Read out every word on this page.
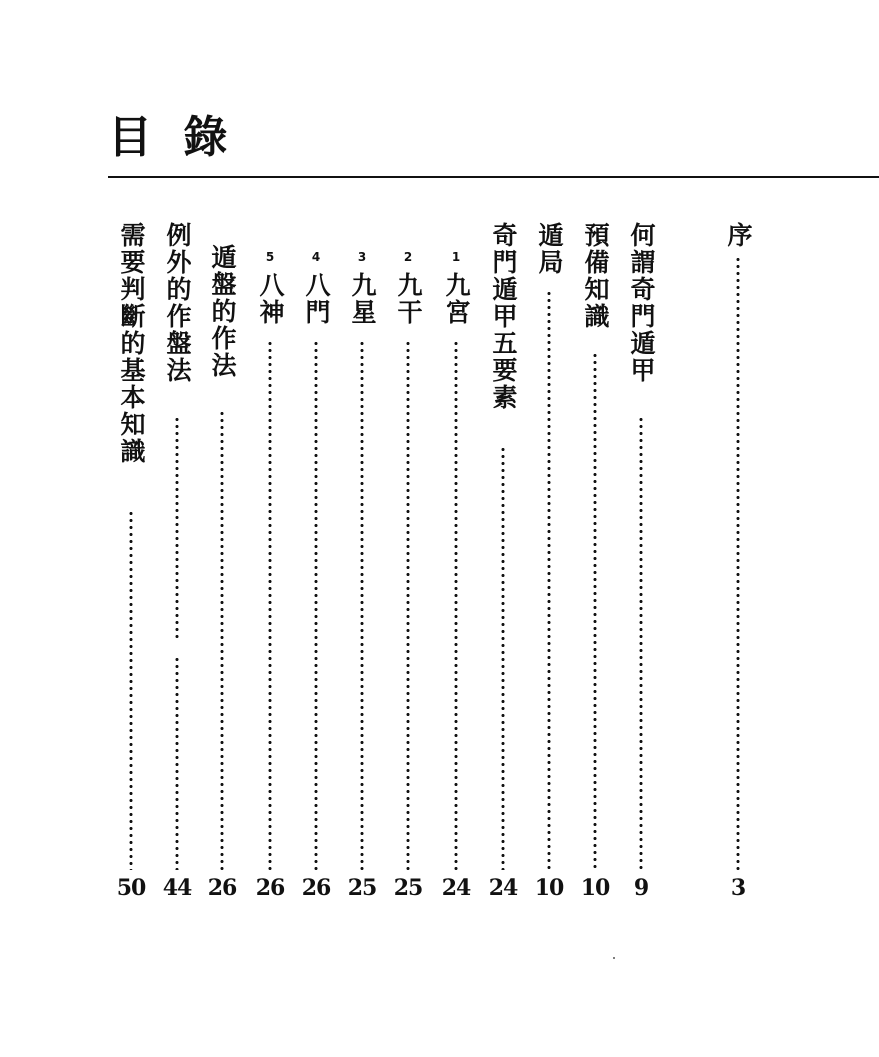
目 錄
序
3
何謂奇門遁甲
9
預備知識
10
遁局
10
奇門遁甲五要素
24
1
九宮
24
2
九干
25
3
九星
25
4
八門
26
5
八神
26
遁盤的作法
26
例外的作盤法
44
需要判斷的基本知識
50
